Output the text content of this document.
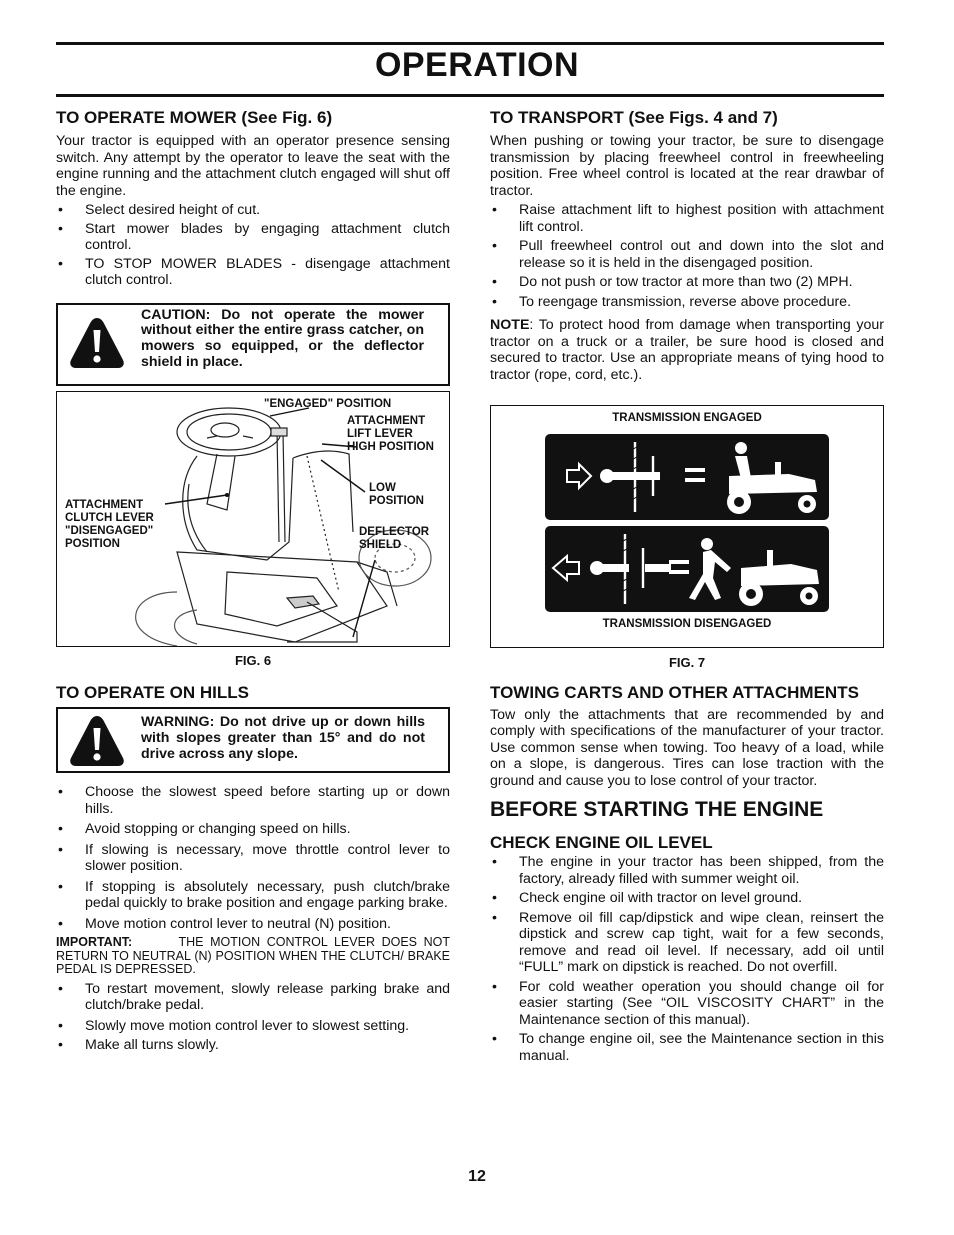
OPERATION
TO OPERATE MOWER (See Fig. 6)

Your tractor is equipped with an operator presence sensing switch. Any attempt by the operator to leave the seat with the engine running and the attachment clutch engaged will shut off the engine.

• Select desired height of cut.
• Start mower blades by engaging attachment clutch control.
• TO STOP MOWER BLADES - disengage attachment clutch control.
CAUTION: Do not operate the mower without either the entire grass catcher, on mowers so equipped, or the deflector shield in place.
"ENGAGED" POSITION
ATTACHMENT
LIFT LEVER
HIGH POSITION
LOW
POSITION
ATTACHMENT
CLUTCH LEVER
"DISENGAGED"
POSITION
DEFLECTOR
SHIELD
FIG. 6
TO OPERATE ON HILLS
WARNING: Do not drive up or down hills with slopes greater than 15° and do not drive across any slope.
• Choose the slowest speed before starting up or down hills.
• Avoid stopping or changing speed on hills.
• If slowing is necessary, move throttle control lever to slower position.
• If stopping is absolutely necessary, push clutch/brake pedal quickly to brake position and engage parking brake.
• Move motion control lever to neutral (N) position.

IMPORTANT:	THE MOTION CONTROL LEVER DOES NOT RETURN TO NEUTRAL (N) POSITION WHEN THE CLUTCH/ BRAKE PEDAL IS DEPRESSED.

• To restart movement, slowly release parking brake and clutch/brake pedal.
• Slowly move motion control lever to slowest setting.
• Make all turns slowly.
TO TRANSPORT (See Figs. 4 and 7)

When pushing or towing your tractor, be sure to disengage transmission by placing freewheel control in freewheeling position. Free wheel control is located at the rear drawbar of tractor.

• Raise attachment lift to highest position with attachment lift control.
• Pull freewheel control out and down into the slot and release so it is held in the disengaged position.
• Do not push or tow tractor at more than two (2) MPH.
• To reengage transmission, reverse above procedure.

NOTE: To protect hood from damage when transporting your tractor on a truck or a trailer, be sure hood is closed and secured to tractor. Use an appropriate means of tying hood to tractor (rope, cord, etc.).

TRANSMISSION ENGAGED
TRANSMISSION DISENGAGED
FIG. 7
TOWING CARTS AND OTHER ATTACHMENTS

Tow only the attachments that are recommended by and comply with specifications of the manufacturer of your tractor. Use common sense when towing. Too heavy of a load, while on a slope, is dangerous. Tires can lose traction with the ground and cause you to lose control of your tractor.

BEFORE STARTING THE ENGINE
CHECK ENGINE OIL LEVEL
• The engine in your tractor has been shipped, from the factory, already filled with summer weight oil.
• Check engine oil with tractor on level ground.
• Remove oil fill cap/dipstick and wipe clean, reinsert the dipstick and screw cap tight, wait for a few seconds, remove and read oil level. If necessary, add oil until “FULL” mark on dipstick is reached. Do not overfill.
• For cold weather operation you should change oil for easier starting (See “OIL VISCOSITY CHART” in the Maintenance section of this manual).
• To change engine oil, see the Maintenance section in this manual.
12
